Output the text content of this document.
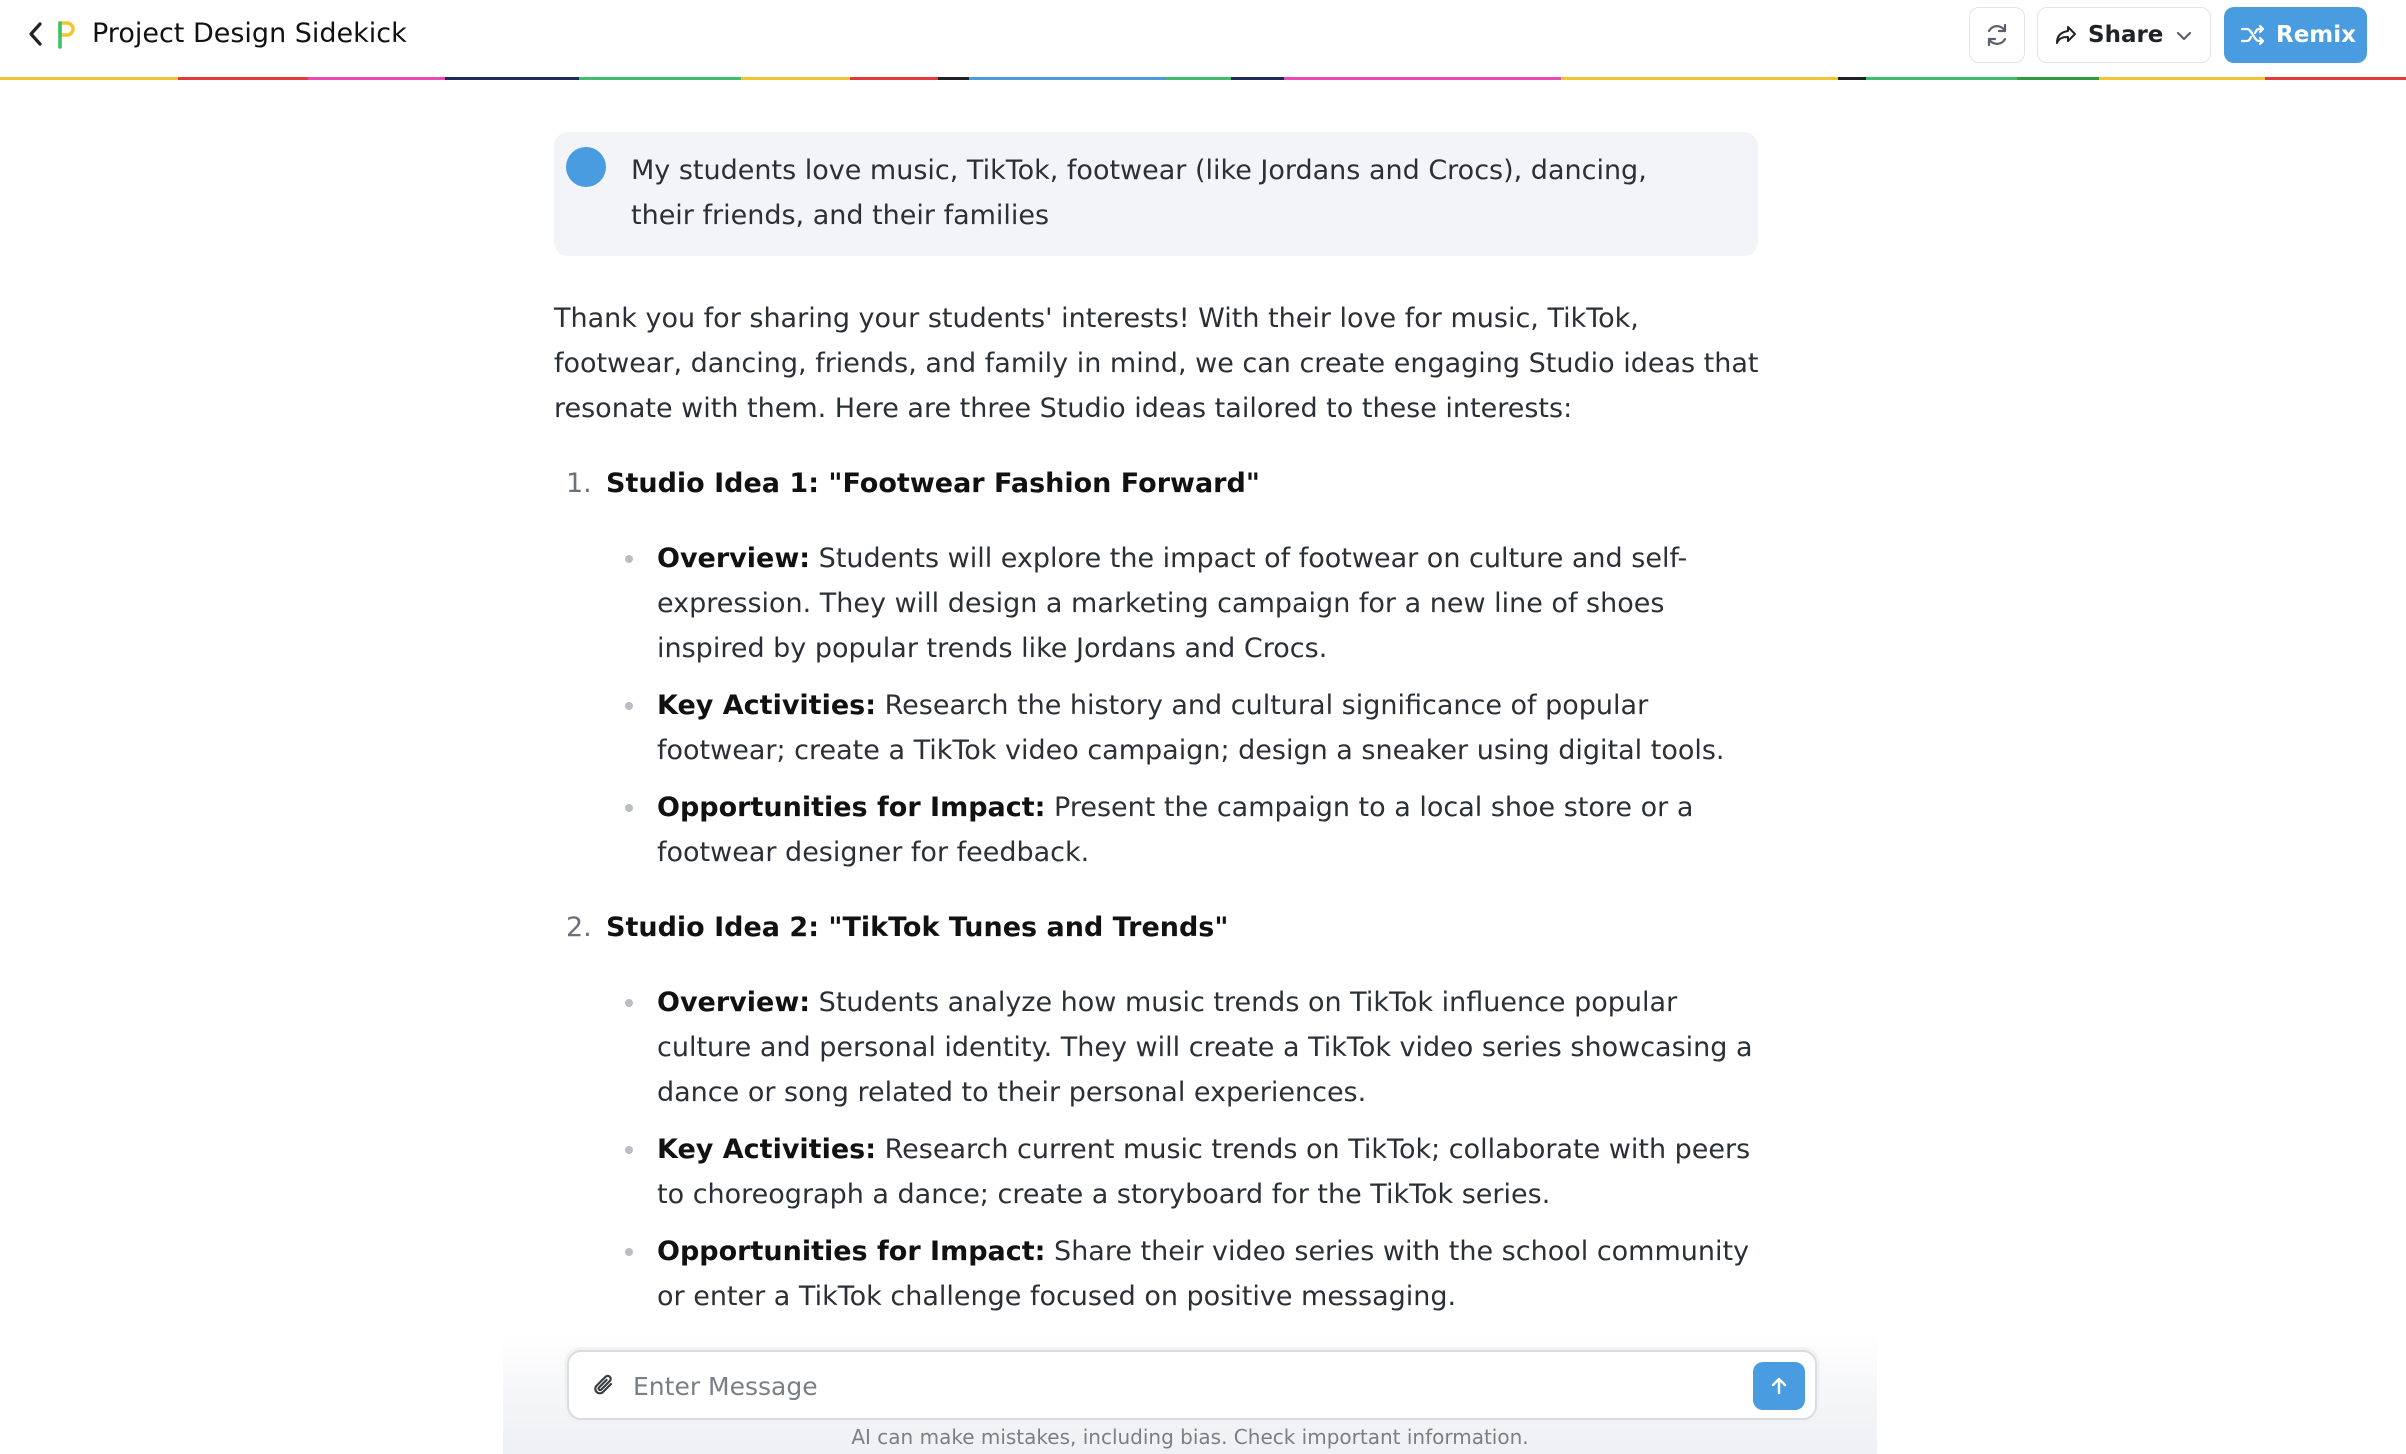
Project Design Sidekick	Share	Remix
My students love music, TikTok, footwear (like Jordans and Crocs), dancing, their friends, and their families
Thank you for sharing your students' interests! With their love for music, TikTok, footwear, dancing, friends, and family in mind, we can create engaging Studio ideas that resonate with them. Here are three Studio ideas tailored to these interests:
1. Studio Idea 1: "Footwear Fashion Forward"
Overview: Students will explore the impact of footwear on culture and self-expression. They will design a marketing campaign for a new line of shoes inspired by popular trends like Jordans and Crocs.
Key Activities: Research the history and cultural significance of popular footwear; create a TikTok video campaign; design a sneaker using digital tools.
Opportunities for Impact: Present the campaign to a local shoe store or a footwear designer for feedback.
2. Studio Idea 2: "TikTok Tunes and Trends"
Overview: Students analyze how music trends on TikTok influence popular culture and personal identity. They will create a TikTok video series showcasing a dance or song related to their personal experiences.
Key Activities: Research current music trends on TikTok; collaborate with peers to choreograph a dance; create a storyboard for the TikTok series.
Opportunities for Impact: Share their video series with the school community or enter a TikTok challenge focused on positive messaging.
Enter Message
AI can make mistakes, including bias. Check important information.
